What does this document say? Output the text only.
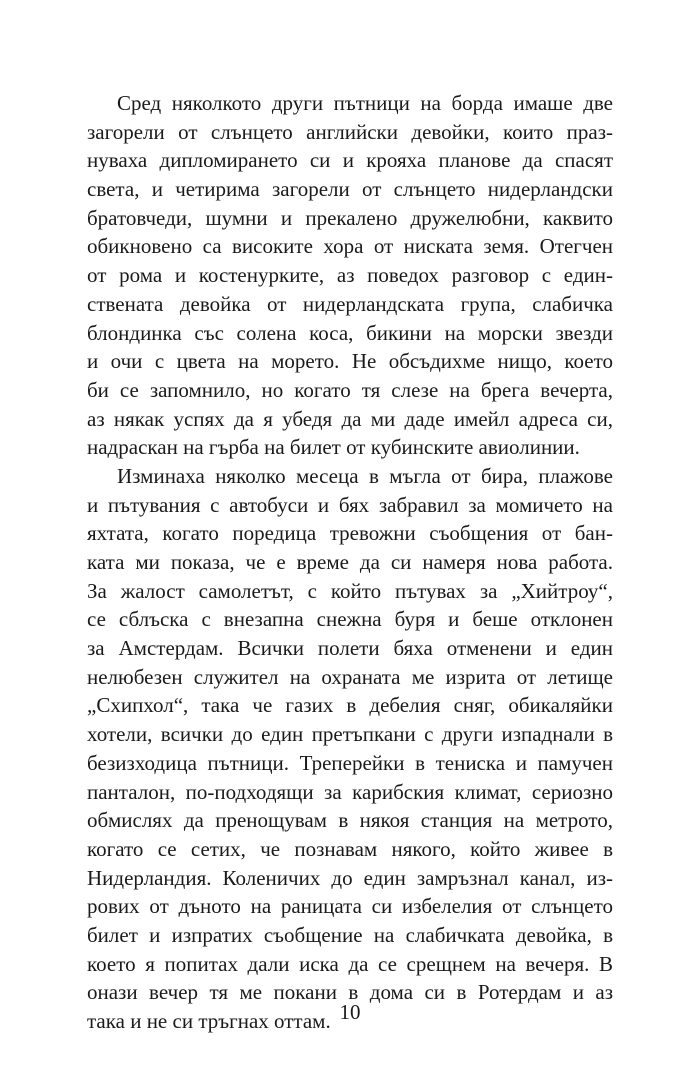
Сред няколкото други пътници на борда имаше две
загорели от слънцето английски девойки, които праз-
нуваха дипломирането си и крояха планове да спасят
света, и четирима загорели от слънцето нидерландски
братовчеди, шумни и прекалено дружелюбни, каквито
обикновено са високите хора от ниската земя. Отегчен
от рома и костенурките, аз поведох разговор с един-
ствената девойка от нидерландската група, слабичка
блондинка със солена коса, бикини на морски звезди
и очи с цвета на морето. Не обсъдихме нищо, което
би се запомнило, но когато тя слезе на брега вечерта,
аз някак успях да я убедя да ми даде имейл адреса си,
надраскан на гърба на билет от кубинските авиолинии.
Изминаха няколко месеца в мъгла от бира, плажове
и пътувания с автобуси и бях забравил за момичето на
яхтата, когато поредица тревожни съобщения от бан-
ката ми показа, че е време да си намеря нова работа.
За жалост самолетът, с който пътувах за „Хийтроу“,
се сблъска с внезапна снежна буря и беше отклонен
за Амстердам. Всички полети бяха отменени и един
нелюбезен служител на охраната ме изрита от летище
„Схипхол“, така че газих в дебелия сняг, обикаляйки
хотели, всички до един претъпкани с други изпаднали в
безизходица пътници. Треперейки в тениска и памучен
панталон, по-подходящи за карибския климат, сериозно
обмислях да пренощувам в някоя станция на метрото,
когато се сетих, че познавам някого, който живее в
Нидерландия. Коленичих до един замръзнал канал, из-
рових от дъното на раницата си избелелия от слънцето
билет и изпратих съобщение на слабичката девойка, в
което я попитах дали иска да се срещнем на вечеря. В
онази вечер тя ме покани в дома си в Ротердам и аз
така и не си тръгнах оттам. 10
